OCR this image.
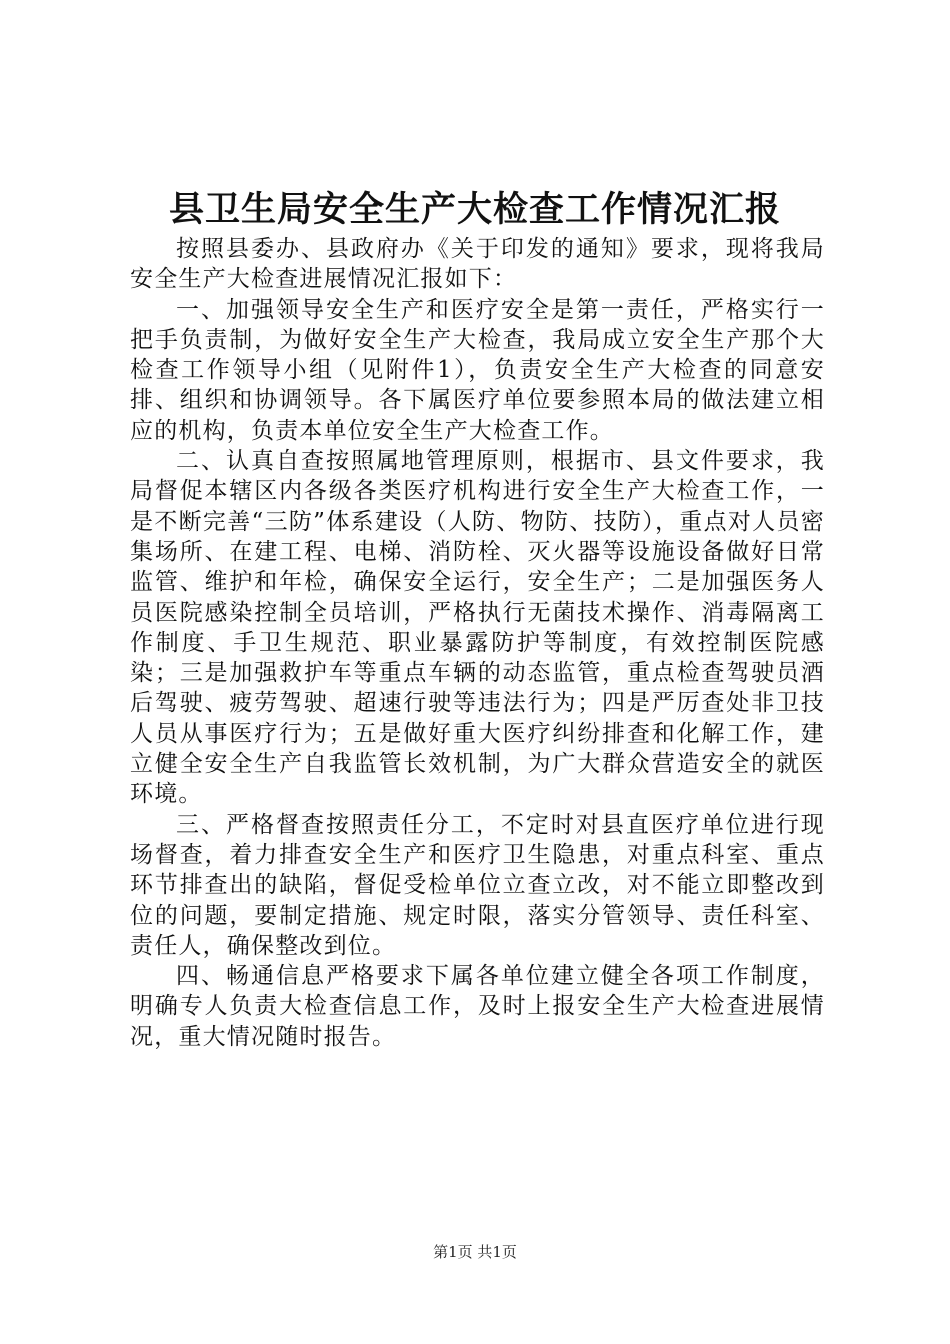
县卫生局安全生产大检查工作情况汇报

按照县委办、县政府办《关于印发的通知》要求，现将我局安全生产大检查进展情况汇报如下：

一、加强领导安全生产和医疗安全是第一责任，严格实行一把手负责制，为做好安全生产大检查，我局成立安全生产那个大检查工作领导小组（见附件1），负责安全生产大检查的同意安排、组织和协调领导。各下属医疗单位要参照本局的做法建立相应的机构，负责本单位安全生产大检查工作。

二、认真自查按照属地管理原则，根据市、县文件要求，我局督促本辖区内各级各类医疗机构进行安全生产大检查工作，一是不断完善“三防”体系建设（人防、物防、技防），重点对人员密集场所、在建工程、电梯、消防栓、灭火器等设施设备做好日常监管、维护和年检，确保安全运行，安全生产；二是加强医务人员医院感染控制全员培训，严格执行无菌技术操作、消毒隔离工作制度、手卫生规范、职业暴露防护等制度，有效控制医院感染；三是加强救护车等重点车辆的动态监管，重点检查驾驶员酒后驾驶、疲劳驾驶、超速行驶等违法行为；四是严厉查处非卫技人员从事医疗行为；五是做好重大医疗纠纷排查和化解工作，建立健全安全生产自我监管长效机制，为广大群众营造安全的就医环境。

三、严格督查按照责任分工，不定时对县直医疗单位进行现场督查，着力排查安全生产和医疗卫生隐患，对重点科室、重点环节排查出的缺陷，督促受检单位立查立改，对不能立即整改到位的问题，要制定措施、规定时限，落实分管领导、责任科室、责任人，确保整改到位。

四、畅通信息严格要求下属各单位建立健全各项工作制度，明确专人负责大检查信息工作，及时上报安全生产大检查进展情况，重大情况随时报告。

第1页 共1页
